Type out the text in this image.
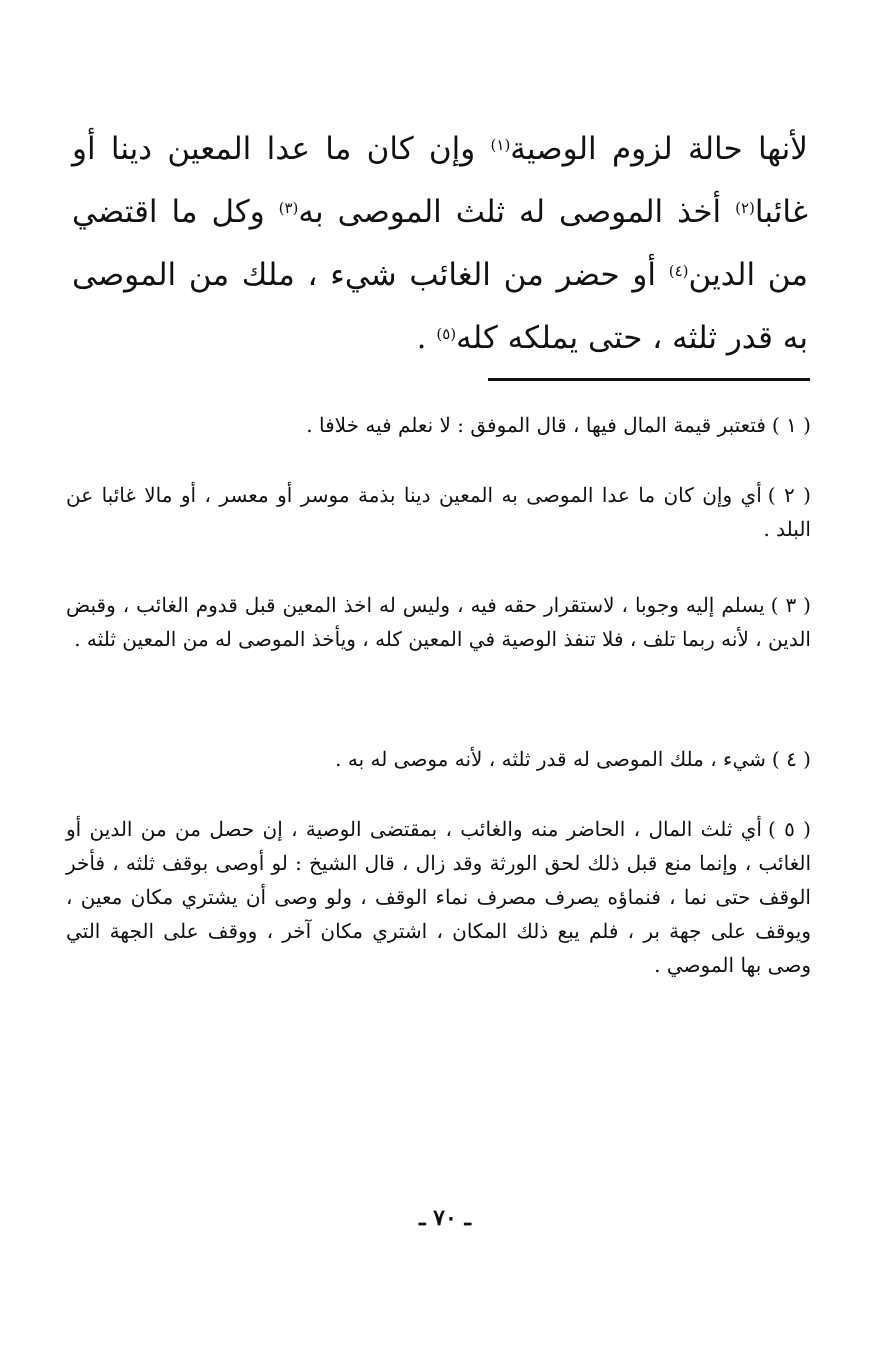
لأنها حالة لزوم الوصية$^{(١)}$ وإن كان ما عدا المعين دينا أو غائبا$^{(٢)}$ أخذ الموصى له ثلث الموصى به$^{(٣)}$ وكل ما اقتضي من الدين$^{(٤)}$ أو حضر من الغائب شيء ، ملك من الموصى به قدر ثلثه ، حتى يملكه كله$^{(٥)}$ .
( ١ )فتعتبر قيمة المال فيها ، قال الموفق : لا نعلم فيه خلافا .
( ٢ )أي وإن كان ما عدا الموصى به المعين دينا بذمة موسر أو معسر ، أو مالا غائبا عن البلد .
( ٣ )يسلم إليه وجوبا ، لاستقرار حقه فيه ، وليس له اخذ المعين قبل قدوم الغائب ، وقبض الدين ، لأنه ربما تلف ، فلا تنفذ الوصية في المعين كله ، ويأخذ الموصى له من المعين ثلثه .
( ٤ )شيء ، ملك الموصى له قدر ثلثه ، لأنه موصى له به .
( ٥ )أي ثلث المال ، الحاضر منه والغائب ، بمقتضى الوصية ، إن حصل من من الدين أو الغائب ، وإنما منع قبل ذلك لحق الورثة وقد زال ، قال الشيخ : لو أوصى بوقف ثلثه ، فأخر الوقف حتى نما ، فنماؤه يصرف مصرف نماء الوقف ، ولو وصى أن يشتري مكان معين ، ويوقف على جهة بر ، فلم يبع ذلك المكان ، اشتري مكان آخر ، ووقف على الجهة التي وصى بها الموصي .
ـ ٧٠ ـ
